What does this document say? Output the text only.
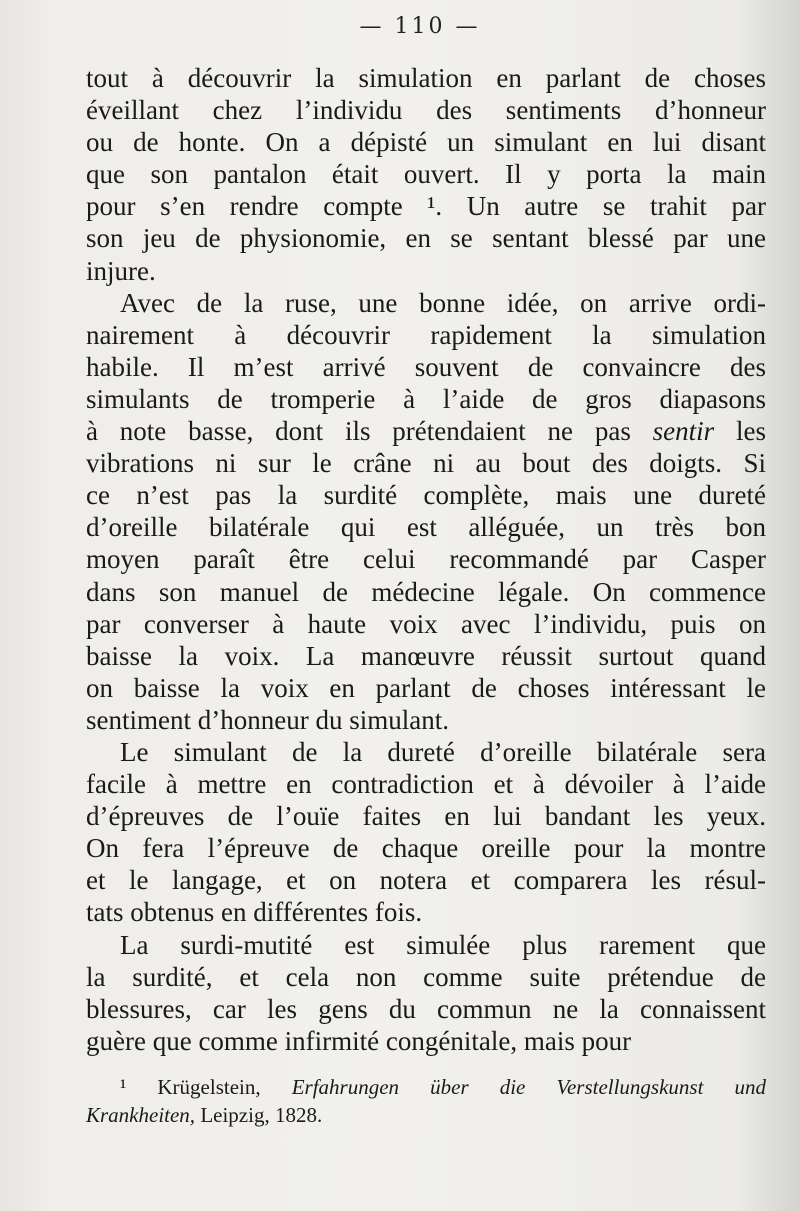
— 110 —

tout à découvrir la simulation en parlant de choses
éveillant chez l’individu des sentiments d’honneur
ou de honte. On a dépisté un simulant en lui disant
que son pantalon était ouvert. Il y porta la main
pour s’en rendre compte ¹. Un autre se trahit par
son jeu de physionomie, en se sentant blessé par une
injure.

Avec de la ruse, une bonne idée, on arrive ordi-
nairement à découvrir rapidement la simulation
habile. Il m’est arrivé souvent de convaincre des
simulants de tromperie à l’aide de gros diapasons
à note basse, dont ils prétendaient ne pas sentir les
vibrations ni sur le crâne ni au bout des doigts. Si
ce n’est pas la surdité complète, mais une dureté
d’oreille bilatérale qui est alléguée, un très bon
moyen paraît être celui recommandé par Casper
dans son manuel de médecine légale. On commence
par converser à haute voix avec l’individu, puis on
baisse la voix. La manœuvre réussit surtout quand
on baisse la voix en parlant de choses intéressant le
sentiment d’honneur du simulant.

Le simulant de la dureté d’oreille bilatérale sera
facile à mettre en contradiction et à dévoiler à l’aide
d’épreuves de l’ouïe faites en lui bandant les yeux.
On fera l’épreuve de chaque oreille pour la montre
et le langage, et on notera et comparera les résul-
tats obtenus en différentes fois.

La surdi-mutité est simulée plus rarement que
la surdité, et cela non comme suite prétendue de
blessures, car les gens du commun ne la connaissent
guère que comme infirmité congénitale, mais pour

¹ Krügelstein, Erfahrungen über die Verstellungskunst und
Krankheiten, Leipzig, 1828.
